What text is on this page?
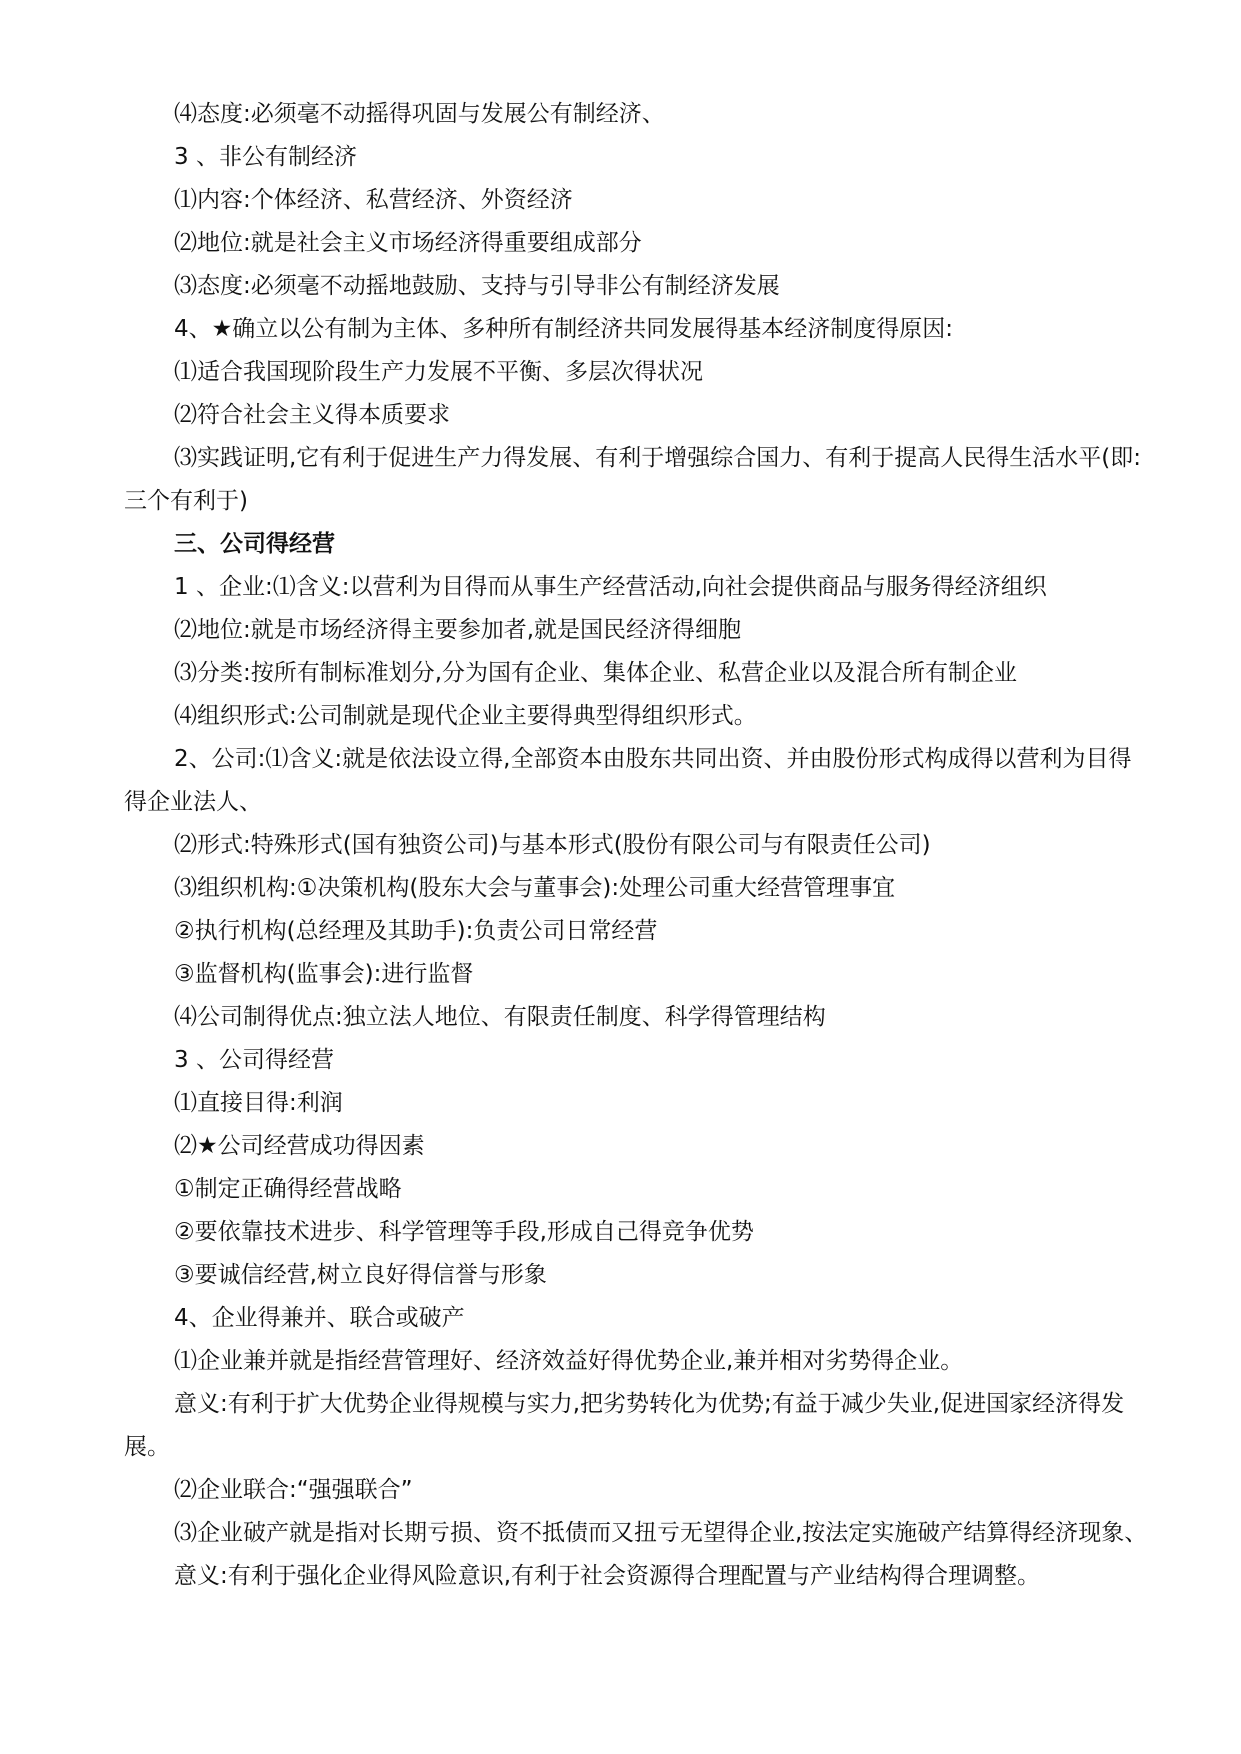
⑷态度:必须毫不动摇得巩固与发展公有制经济、

3 、非公有制经济

⑴内容:个体经济、私营经济、外资经济

⑵地位:就是社会主义市场经济得重要组成部分

⑶态度:必须毫不动摇地鼓励、支持与引导非公有制经济发展

4、★确立以公有制为主体、多种所有制经济共同发展得基本经济制度得原因:

⑴适合我国现阶段生产力发展不平衡、多层次得状况

⑵符合社会主义得本质要求

⑶实践证明,它有利于促进生产力得发展、有利于增强综合国力、有利于提高人民得生活水平(即:三个有利于)

三、公司得经营

1 、企业:⑴含义:以营利为目得而从事生产经营活动,向社会提供商品与服务得经济组织

⑵地位:就是市场经济得主要参加者,就是国民经济得细胞

⑶分类:按所有制标准划分,分为国有企业、集体企业、私营企业以及混合所有制企业

⑷组织形式:公司制就是现代企业主要得典型得组织形式。

2、公司:⑴含义:就是依法设立得,全部资本由股东共同出资、并由股份形式构成得以营利为目得得企业法人、

⑵形式:特殊形式(国有独资公司)与基本形式(股份有限公司与有限责任公司)

⑶组织机构:①决策机构(股东大会与董事会):处理公司重大经营管理事宜

②执行机构(总经理及其助手):负责公司日常经营

③监督机构(监事会):进行监督

⑷公司制得优点:独立法人地位、有限责任制度、科学得管理结构

3 、公司得经营

⑴直接目得:利润

⑵★公司经营成功得因素

①制定正确得经营战略

②要依靠技术进步、科学管理等手段,形成自己得竞争优势

③要诚信经营,树立良好得信誉与形象

4、企业得兼并、联合或破产

⑴企业兼并就是指经营管理好、经济效益好得优势企业,兼并相对劣势得企业。

意义:有利于扩大优势企业得规模与实力,把劣势转化为优势;有益于减少失业,促进国家经济得发展。

⑵企业联合:“强强联合”

⑶企业破产就是指对长期亏损、资不抵债而又扭亏无望得企业,按法定实施破产结算得经济现象、

意义:有利于强化企业得风险意识,有利于社会资源得合理配置与产业结构得合理调整。
